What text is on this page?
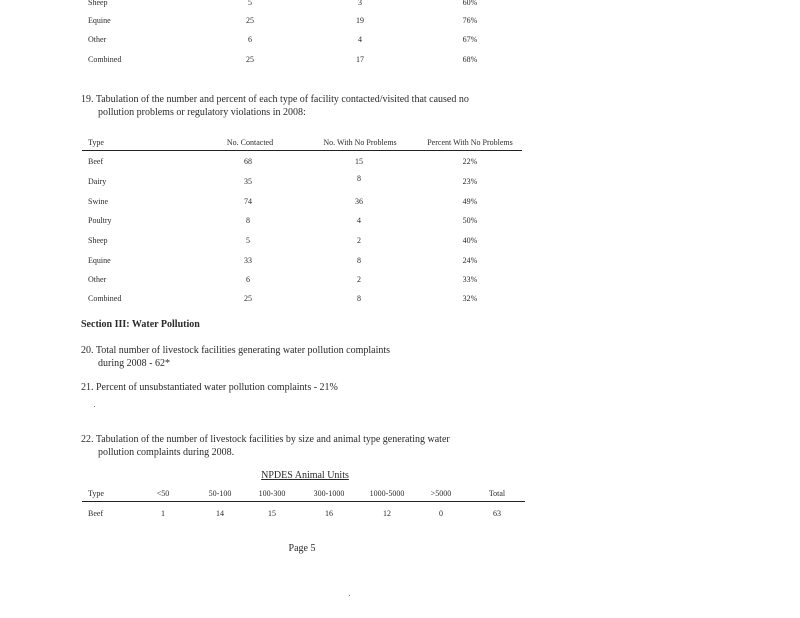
Sheep	5	3	60%
Equine	25	19	76%
Other	6	4	67%
Combined	25	17	68%
19. Tabulation of the number and percent of each type of facility contacted/visited that caused no
pollution problems or regulatory violations in 2008:
Type	No. Contacted	No. With No Problems	Percent With No Problems
Beef	68	15	22%
Dairy	35	8	23%
Swine	74	36	49%
Poultry	8	4	50%
Sheep	5	2	40%
Equine	33	8	24%
Other	6	2	33%
Combined	25	8	32%
Section III: Water Pollution
20. Total number of livestock facilities generating water pollution complaints
during 2008 - 62*
21. Percent of unsubstantiated water pollution complaints - 21%
22. Tabulation of the number of livestock facilities by size and animal type generating water
pollution complaints during 2008.
NPDES Animal Units
Type	<50	50-100	100-300	300-1000	1000-5000	>5000	Total
Beef	1	14	15	16	12	0	63
Page 5
